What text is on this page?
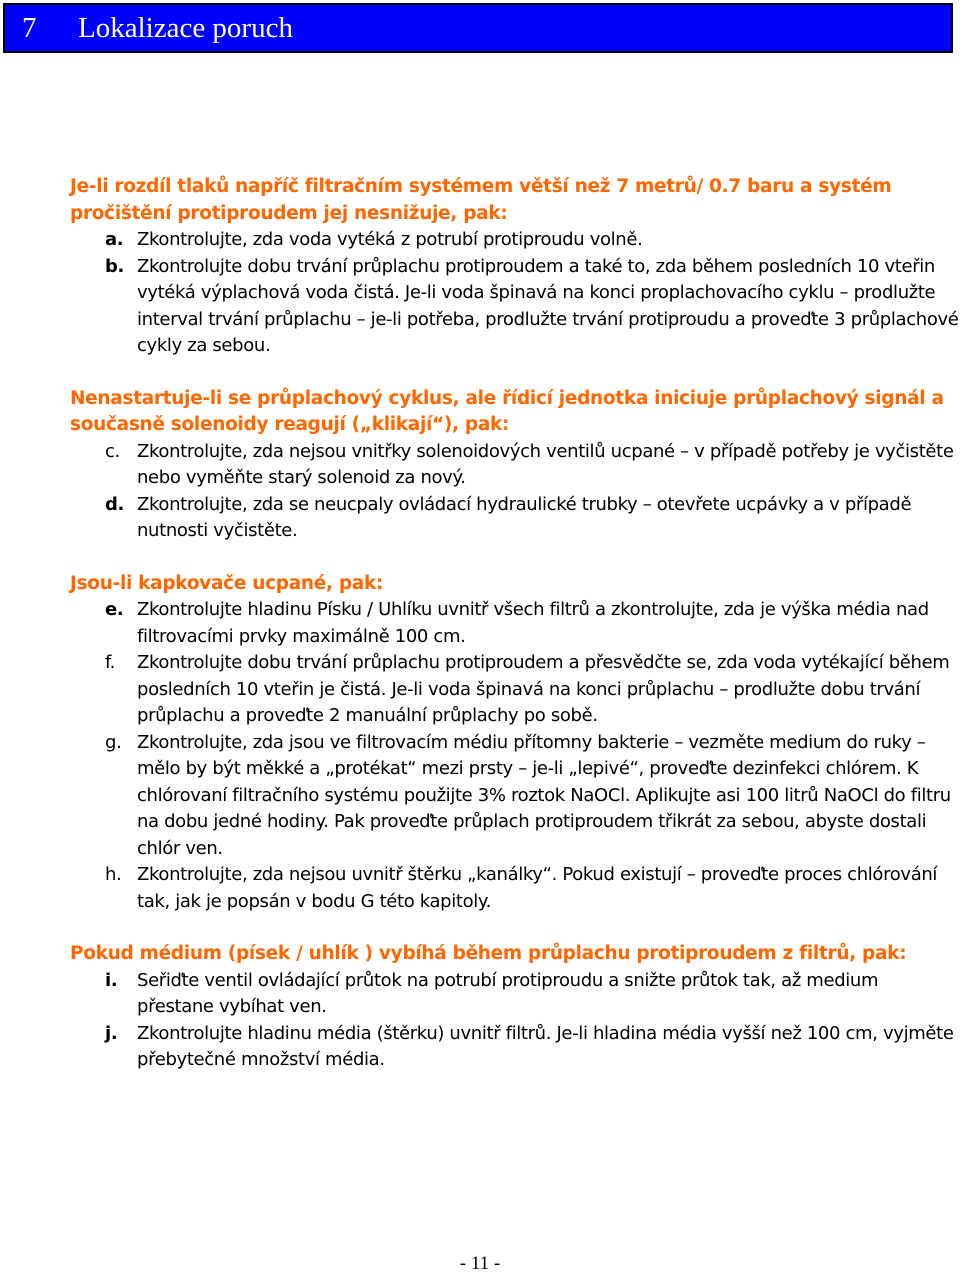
7 Lokalizace poruch

Je-li rozdíl tlaků napříč filtračním systémem větší než 7 metrů/ 0.7 baru a systém pročištění protiproudem jej nesnižuje, pak:

a. Zkontrolujte, zda voda vytéká z potrubí protiproudu volně.
b. Zkontrolujte dobu trvání průplachu protiproudem a také to, zda během posledních 10 vteřin vytéká výplachová voda čistá. Je-li voda špinavá na konci proplachovacího cyklu – prodlužte interval trvání průplachu – je-li potřeba, prodlužte trvání protiproudu a proveďte 3 průplachové cykly za sebou.

Nenastartuje-li se průplachový cyklus, ale řídicí jednotka iniciuje průplachový signál a současně solenoidy reagují („klikají“), pak:

c. Zkontrolujte, zda nejsou vnitřky solenoidových ventilů ucpané – v případě potřeby je vyčistěte nebo vyměňte starý solenoid za nový.
d. Zkontrolujte, zda se neucpaly ovládací hydraulické trubky – otevřete ucpávky a v případě nutnosti vyčistěte.

Jsou-li kapkovače ucpané, pak:

e. Zkontrolujte hladinu Písku / Uhlíku uvnitř všech filtrů a zkontrolujte, zda je výška média nad filtrovacími prvky maximálně 100 cm.
f. Zkontrolujte dobu trvání průplachu protiproudem a přesvědčte se, zda voda vytékající během posledních 10 vteřin je čistá. Je-li voda špinavá na konci průplachu – prodlužte dobu trvání průplachu a proveďte 2 manuální průplachy po sobě.
g. Zkontrolujte, zda jsou ve filtrovacím médiu přítomny bakterie – vezměte medium do ruky – mělo by být měkké a „protékat“ mezi prsty – je-li „lepivé“, proveďte dezinfekci chlórem. K chlórovaní filtračního systému použijte 3% roztok NaOCl. Aplikujte asi 100 litrů NaOCl do filtru na dobu jedné hodiny. Pak proveďte průplach protiproudem třikrát za sebou, abyste dostali chlór ven.
h. Zkontrolujte, zda nejsou uvnitř štěrku „kanálky“. Pokud existují – proveďte proces chlórování tak, jak je popsán v bodu G této kapitoly.

Pokud médium (písek / uhlík ) vybíhá během průplachu protiproudem z filtrů, pak:

i. Seřiďte ventil ovládající průtok na potrubí protiproudu a snižte průtok tak, až medium přestane vybíhat ven.
j. Zkontrolujte hladinu média (štěrku) uvnitř filtrů. Je-li hladina média vyšší než 100 cm, vyjměte přebytečné množství média.
- 11 -
